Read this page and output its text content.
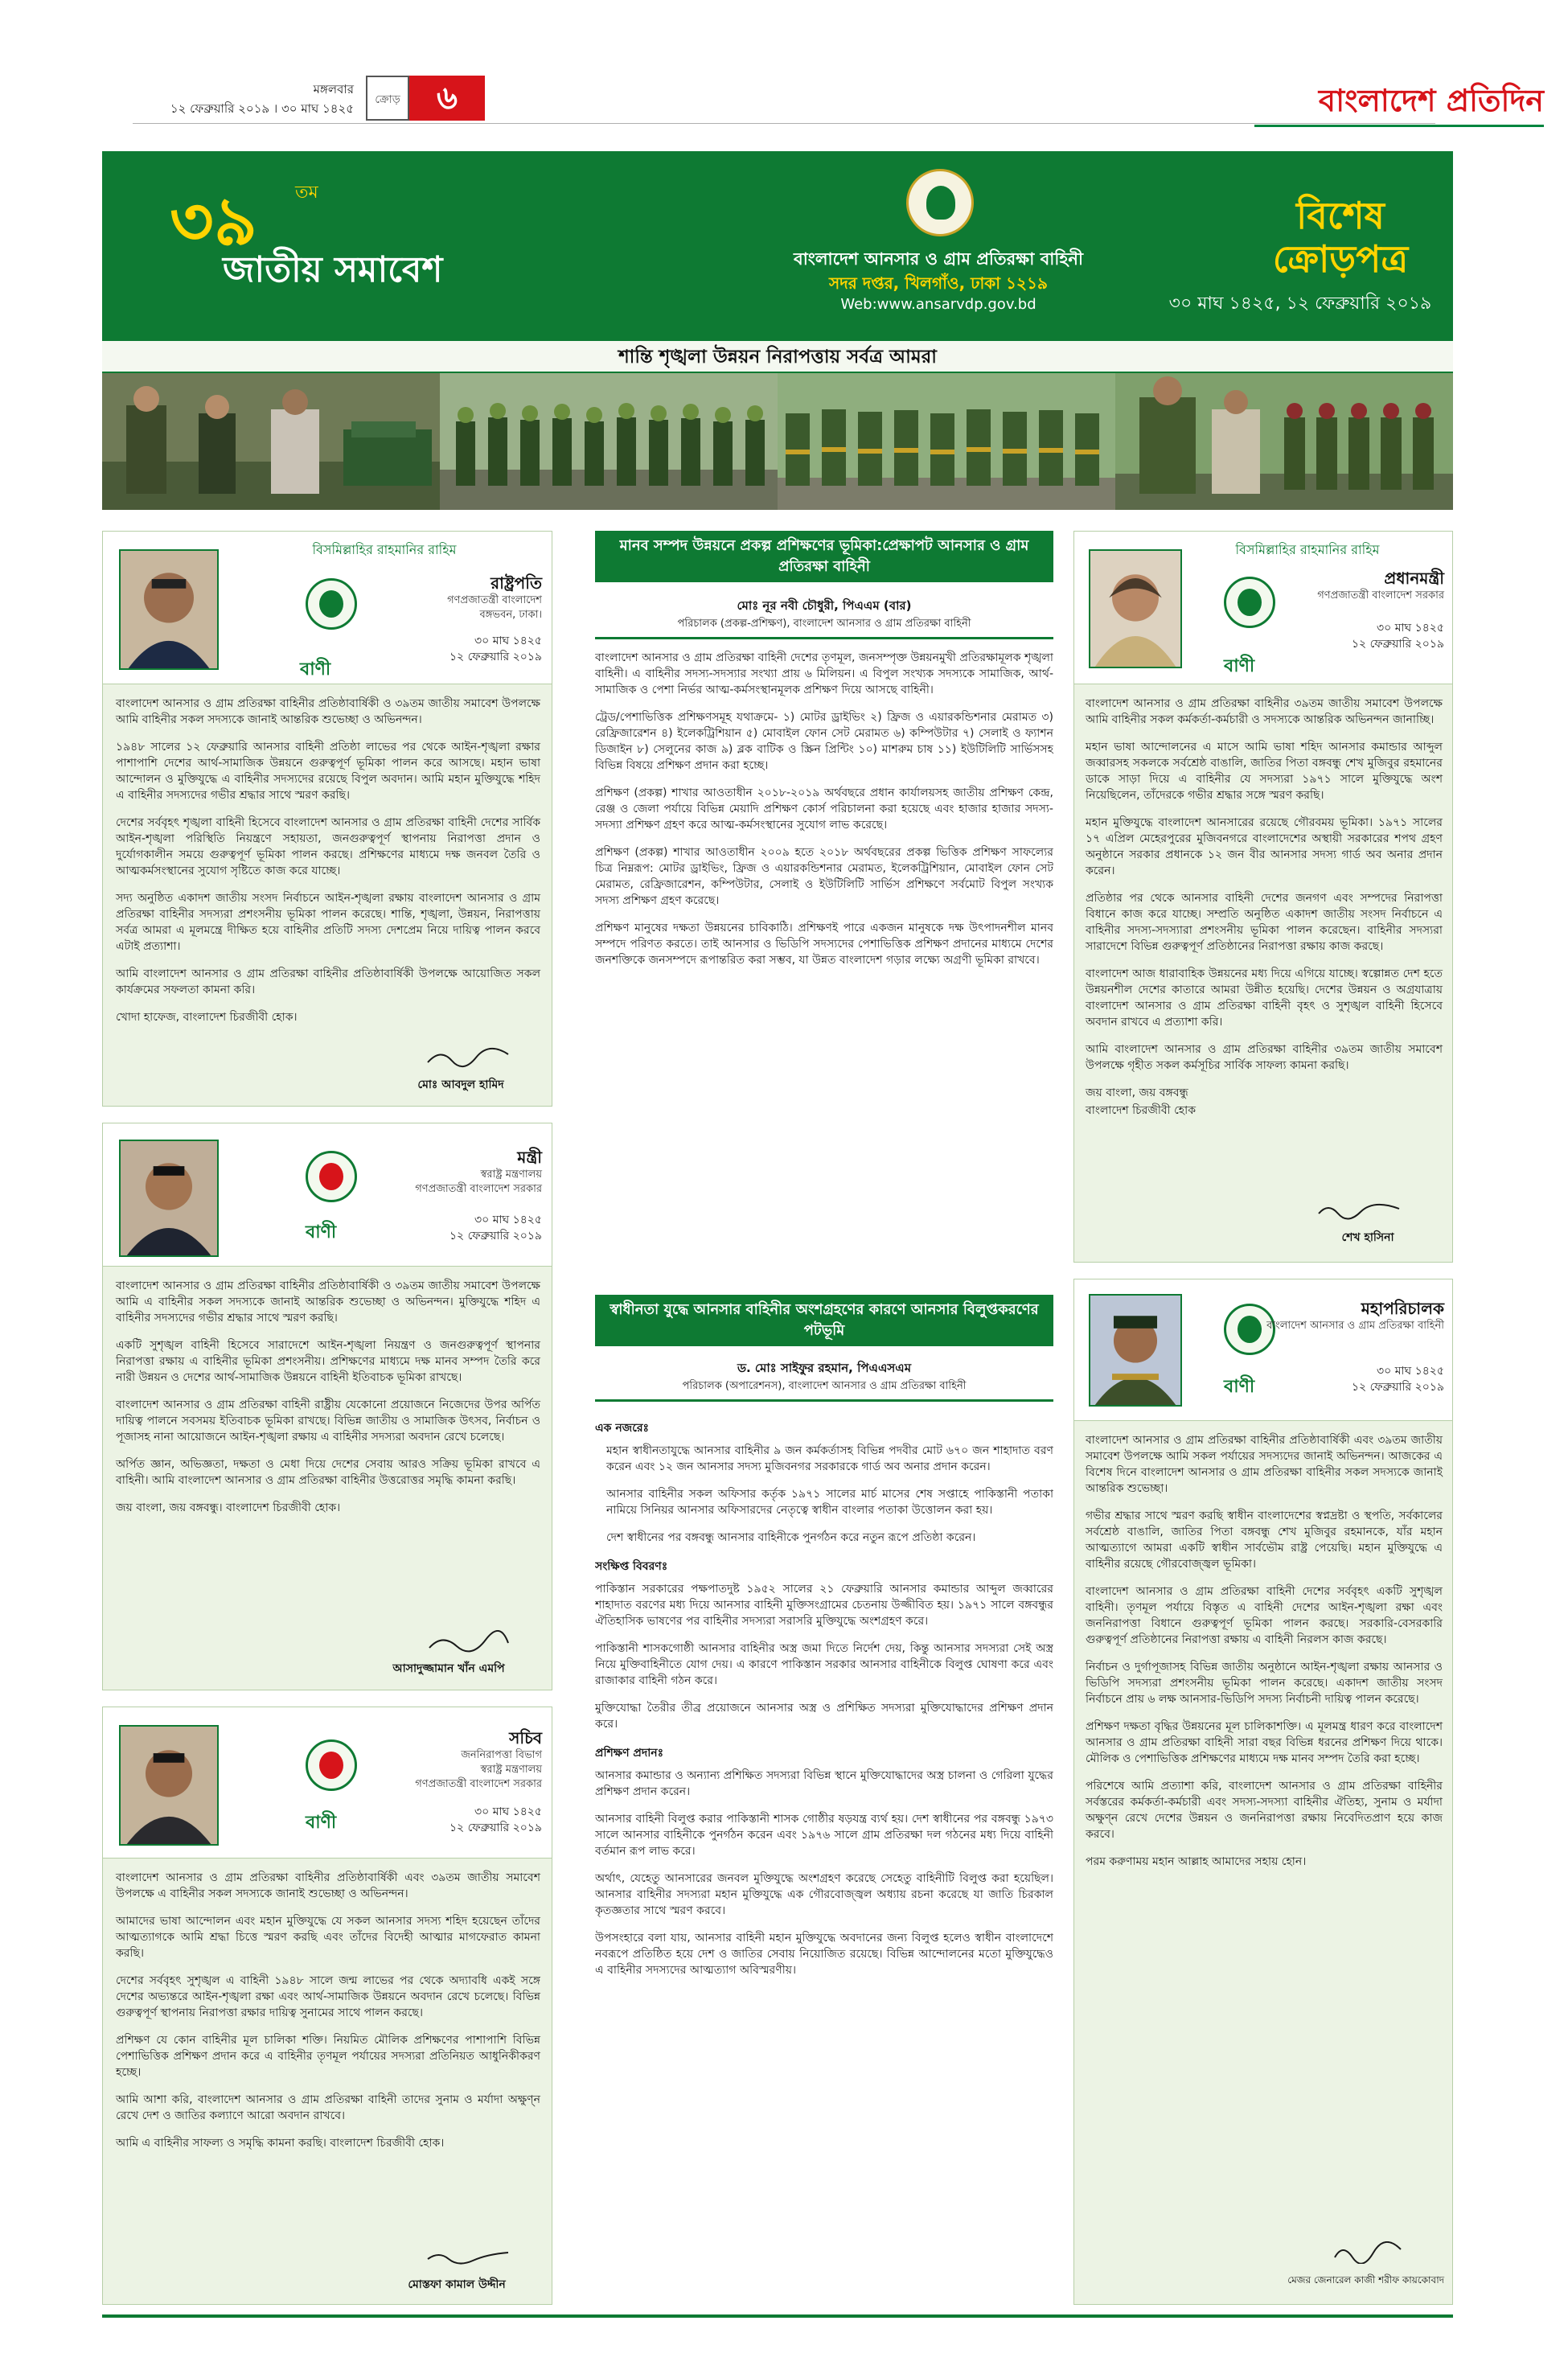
মঙ্গলবার
১২ ফেব্রুয়ারি ২০১৯ । ৩০ মাঘ ১৪২৫
ক্রোড়	৬	বাংলাদেশ প্রতিদিন
৩৯ তম
জাতীয় সমাবেশ	বাংলাদেশ আনসার ও গ্রাম প্রতিরক্ষা বাহিনী
সদর দপ্তর, খিলগাঁও, ঢাকা ১২১৯
Web:www.ansarvdp.gov.bd
বিশেষ
ক্রোড়পত্র
৩০ মাঘ ১৪২৫, ১২ ফেব্রুয়ারি ২০১৯
শান্তি শৃঙ্খলা উন্নয়ন নিরাপত্তায় সর্বত্র আমরা
বিসমিল্লাহির রাহমানির রাহিম
রাষ্ট্রপতি
গণপ্রজাতন্ত্রী বাংলাদেশ
বঙ্গভবন, ঢাকা।
৩০ মাঘ ১৪২৫
১২ ফেব্রুয়ারি ২০১৯
বাণী

বাংলাদেশ আনসার ও গ্রাম প্রতিরক্ষা বাহিনীর প্রতিষ্ঠাবার্ষিকী ও ৩৯তম জাতীয় সমাবেশ উপলক্ষে আমি বাহিনীর সকল সদস্যকে জানাই আন্তরিক শুভেচ্ছা ও অভিনন্দন।

১৯৪৮ সালের ১২ ফেব্রুয়ারি আনসার বাহিনী প্রতিষ্ঠা লাভের পর থেকে আইন-শৃঙ্খলা রক্ষার পাশাপাশি দেশের আর্থ-সামাজিক উন্নয়নে গুরুত্বপূর্ণ ভূমিকা পালন করে আসছে। মহান ভাষা আন্দোলন ও মুক্তিযুদ্ধে এ বাহিনীর সদস্যদের রয়েছে বিপুল অবদান। আমি মহান মুক্তিযুদ্ধে শহিদ এ বাহিনীর সদস্যদের গভীর শ্রদ্ধার সাথে স্মরণ করছি।

দেশের সর্ববৃহৎ শৃঙ্খলা বাহিনী হিসেবে বাংলাদেশ আনসার ও গ্রাম প্রতিরক্ষা বাহিনী দেশের সার্বিক আইন-শৃঙ্খলা পরিস্থিতি নিয়ন্ত্রণে সহায়তা, জনগুরুত্বপূর্ণ স্থাপনায় নিরাপত্তা প্রদান ও দুর্যোগকালীন সময়ে গুরুত্বপূর্ণ ভূমিকা পালন করছে। প্রশিক্ষণের মাধ্যমে দক্ষ জনবল তৈরি ও আত্মকর্মসংস্থানের সুযোগ সৃষ্টিতে কাজ করে যাচ্ছে।

সদ্য অনুষ্ঠিত একাদশ জাতীয় সংসদ নির্বাচনে আইন-শৃঙ্খলা রক্ষায় বাংলাদেশ আনসার ও গ্রাম প্রতিরক্ষা বাহিনীর সদস্যরা প্রশংসনীয় ভূমিকা পালন করেছে। শান্তি, শৃঙ্খলা, উন্নয়ন, নিরাপত্তায় সর্বত্র আমরা এ মূলমন্ত্রে দীক্ষিত হয়ে বাহিনীর প্রতিটি সদস্য দেশপ্রেম নিয়ে দায়িত্ব পালন করবে এটাই প্রত্যাশা।

আমি বাংলাদেশ আনসার ও গ্রাম প্রতিরক্ষা বাহিনীর প্রতিষ্ঠাবার্ষিকী উপলক্ষে আয়োজিত সকল কার্যক্রমের সফলতা কামনা করি।

খোদা হাফেজ, বাংলাদেশ চিরজীবী হোক।

মোঃ আবদুল হামিদ
বাণী
মন্ত্রী
স্বরাষ্ট্র মন্ত্রণালয়
গণপ্রজাতন্ত্রী বাংলাদেশ সরকার
৩০ মাঘ ১৪২৫
১২ ফেব্রুয়ারি ২০১৯

বাংলাদেশ আনসার ও গ্রাম প্রতিরক্ষা বাহিনীর প্রতিষ্ঠাবার্ষিকী ও ৩৯তম জাতীয় সমাবেশ উপলক্ষে আমি এ বাহিনীর সকল সদস্যকে জানাই আন্তরিক শুভেচ্ছা ও অভিনন্দন। মুক্তিযুদ্ধে শহিদ এ বাহিনীর সদস্যদের গভীর শ্রদ্ধার সাথে স্মরণ করছি।

একটি সুশৃঙ্খল বাহিনী হিসেবে সারাদেশে আইন-শৃঙ্খলা নিয়ন্ত্রণ ও জনগুরুত্বপূর্ণ স্থাপনার নিরাপত্তা রক্ষায় এ বাহিনীর ভূমিকা প্রশংসনীয়। প্রশিক্ষণের মাধ্যমে দক্ষ মানব সম্পদ তৈরি করে নারী উন্নয়ন ও দেশের আর্থ-সামাজিক উন্নয়নে বাহিনী ইতিবাচক ভূমিকা রাখছে।

বাংলাদেশ আনসার ও গ্রাম প্রতিরক্ষা বাহিনী রাষ্ট্রীয় যেকোনো প্রয়োজনে নিজেদের উপর অর্পিত দায়িত্ব পালনে সবসময় ইতিবাচক ভূমিকা রাখছে। বিভিন্ন জাতীয় ও সামাজিক উৎসব, নির্বাচন ও পূজাসহ নানা আয়োজনে আইন-শৃঙ্খলা রক্ষায় এ বাহিনীর সদস্যরা অবদান রেখে চলেছে।

অর্পিত জ্ঞান, অভিজ্ঞতা, দক্ষতা ও মেধা দিয়ে দেশের সেবায় আরও সক্রিয় ভূমিকা রাখবে এ বাহিনী। আমি বাংলাদেশ আনসার ও গ্রাম প্রতিরক্ষা বাহিনীর উত্তরোত্তর সমৃদ্ধি কামনা করছি।

জয় বাংলা, জয় বঙ্গবন্ধু। বাংলাদেশ চিরজীবী হোক।

আসাদুজ্জামান খাঁন এমপি
বাণী
সচিব
জননিরাপত্তা বিভাগ
স্বরাষ্ট্র মন্ত্রণালয়
গণপ্রজাতন্ত্রী বাংলাদেশ সরকার
৩০ মাঘ ১৪২৫
১২ ফেব্রুয়ারি ২০১৯

বাংলাদেশ আনসার ও গ্রাম প্রতিরক্ষা বাহিনীর প্রতিষ্ঠাবার্ষিকী এবং ৩৯তম জাতীয় সমাবেশ উপলক্ষে এ বাহিনীর সকল সদস্যকে জানাই শুভেচ্ছা ও অভিনন্দন।

আমাদের ভাষা আন্দোলন এবং মহান মুক্তিযুদ্ধে যে সকল আনসার সদস্য শহিদ হয়েছেন তাঁদের আত্মত্যাগকে আমি শ্রদ্ধা চিত্তে স্মরণ করছি এবং তাঁদের বিদেহী আত্মার মাগফেরাত কামনা করছি।

দেশের সর্ববৃহৎ সুশৃঙ্খল এ বাহিনী ১৯৪৮ সালে জন্ম লাভের পর থেকে অদ্যাবধি একই সঙ্গে দেশের অভ্যন্তরে আইন-শৃঙ্খলা রক্ষা এবং আর্থ-সামাজিক উন্নয়নে অবদান রেখে চলেছে। বিভিন্ন গুরুত্বপূর্ণ স্থাপনায় নিরাপত্তা রক্ষার দায়িত্ব সুনামের সাথে পালন করছে।

প্রশিক্ষণ যে কোন বাহিনীর মূল চালিকা শক্তি। নিয়মিত মৌলিক প্রশিক্ষণের পাশাপাশি বিভিন্ন পেশাভিত্তিক প্রশিক্ষণ প্রদান করে এ বাহিনীর তৃণমূল পর্যায়ের সদস্যরা প্রতিনিয়ত আধুনিকীকরণ হচ্ছে।

আমি আশা করি, বাংলাদেশ আনসার ও গ্রাম প্রতিরক্ষা বাহিনী তাদের সুনাম ও মর্যাদা অক্ষুণ্ন রেখে দেশ ও জাতির কল্যাণে আরো অবদান রাখবে।

আমি এ বাহিনীর সাফল্য ও সমৃদ্ধি কামনা করছি। বাংলাদেশ চিরজীবী হোক।

মোস্তফা কামাল উদ্দীন
মানব সম্পদ উন্নয়নে প্রকল্প প্রশিক্ষণের ভূমিকা:প্রেক্ষাপট আনসার ও গ্রাম প্রতিরক্ষা বাহিনী
মোঃ নূর নবী চৌধুরী, পিএএম (বার)
পরিচালক (প্রকল্প-প্রশিক্ষণ), বাংলাদেশ আনসার ও গ্রাম প্রতিরক্ষা বাহিনী

বাংলাদেশ আনসার ও গ্রাম প্রতিরক্ষা বাহিনী দেশের তৃণমূল, জনসম্পৃক্ত উন্নয়নমুখী প্রতিরক্ষামূলক শৃঙ্খলা বাহিনী। এ বাহিনীর সদস্য-সদস্যার সংখ্যা প্রায় ৬ মিলিয়ন। এ বিপুল সংখ্যক সদস্যকে সামাজিক, আর্থ-সামাজিক ও পেশা নির্ভর আত্ম-কর্মসংস্থানমূলক প্রশিক্ষণ দিয়ে আসছে বাহিনী।

ট্রেড/পেশাভিত্তিক প্রশিক্ষণসমূহ যথাক্রমে- ১) মোটর ড্রাইভিং ২) ফ্রিজ ও এয়ারকন্ডিশনার মেরামত ৩) রেফ্রিজারেশন ৪) ইলেকট্রিশিয়ান ৫) মোবাইল ফোন সেট মেরামত ৬) কম্পিউটার ৭) সেলাই ও ফ্যাশন ডিজাইন ৮) সেলুনের কাজ ৯) ব্লক বাটিক ও স্ক্রিন প্রিন্টিং ১০) মাশরুম চাষ ১১) ইউটিলিটি সার্ভিসসহ বিভিন্ন বিষয়ে প্রশিক্ষণ প্রদান করা হচ্ছে।

প্রশিক্ষণ (প্রকল্প) শাখার আওতাধীন ২০১৮-২০১৯ অর্থবছরে প্রধান কার্যালয়সহ জাতীয় প্রশিক্ষণ কেন্দ্র, রেঞ্জ ও জেলা পর্যায়ে বিভিন্ন মেয়াদি প্রশিক্ষণ কোর্স পরিচালনা করা হয়েছে এবং হাজার হাজার সদস্য-সদস্যা প্রশিক্ষণ গ্রহণ করে আত্ম-কর্মসংস্থানের সুযোগ লাভ করেছে।

প্রশিক্ষণ (প্রকল্প) শাখার আওতাধীন ২০০৯ হতে ২০১৮ অর্থবছরের প্রকল্প ভিত্তিক প্রশিক্ষণ সাফল্যের চিত্র নিম্নরূপ: মোটর ড্রাইভিং, ফ্রিজ ও এয়ারকন্ডিশনার মেরামত, ইলেকট্রিশিয়ান, মোবাইল ফোন সেট মেরামত, রেফ্রিজারেশন, কম্পিউটার, সেলাই ও ইউটিলিটি সার্ভিস প্রশিক্ষণে সর্বমোট বিপুল সংখ্যক সদস্য প্রশিক্ষণ গ্রহণ করেছে।

প্রশিক্ষণ মানুষের দক্ষতা উন্নয়নের চাবিকাঠি। প্রশিক্ষণই পারে একজন মানুষকে দক্ষ উৎপাদনশীল মানব সম্পদে পরিণত করতে। তাই আনসার ও ভিডিপি সদস্যদের পেশাভিত্তিক প্রশিক্ষণ প্রদানের মাধ্যমে দেশের জনশক্তিকে জনসম্পদে রূপান্তরিত করা সম্ভব, যা উন্নত বাংলাদেশ গড়ার লক্ষ্যে অগ্রণী ভূমিকা রাখবে।

স্বাধীনতা যুদ্ধে আনসার বাহিনীর অংশগ্রহণের কারণে আনসার বিলুপ্তকরণের পটভূমি
ড. মোঃ সাইফুর রহমান, পিএএসএম
পরিচালক (অপারেশনস), বাংলাদেশ আনসার ও গ্রাম প্রতিরক্ষা বাহিনী
এক নজরেঃ

মহান স্বাধীনতাযুদ্ধে আনসার বাহিনীর ৯ জন কর্মকর্তাসহ বিভিন্ন পদবীর মোট ৬৭০ জন শাহাদাত বরণ করেন এবং ১২ জন আনসার সদস্য মুজিবনগর সরকারকে গার্ড অব অনার প্রদান করেন।

আনসার বাহিনীর সকল অফিসার কর্তৃক ১৯৭১ সালের মার্চ মাসের শেষ সপ্তাহে পাকিস্তানী পতাকা নামিয়ে সিনিয়র আনসার অফিসারদের নেতৃত্বে স্বাধীন বাংলার পতাকা উত্তোলন করা হয়।

দেশ স্বাধীনের পর বঙ্গবন্ধু আনসার বাহিনীকে পুনর্গঠন করে নতুন রূপে প্রতিষ্ঠা করেন।

সংক্ষিপ্ত বিবরণঃ

পাকিস্তান সরকারের পক্ষপাতদুষ্ট ১৯৫২ সালের ২১ ফেব্রুয়ারি আনসার কমান্ডার আব্দুল জব্বারের শাহাদাত বরণের মধ্য দিয়ে আনসার বাহিনী মুক্তিসংগ্রামের চেতনায় উজ্জীবিত হয়। ১৯৭১ সালে বঙ্গবন্ধুর ঐতিহাসিক ভাষণের পর বাহিনীর সদস্যরা সরাসরি মুক্তিযুদ্ধে অংশগ্রহণ করে।

পাকিস্তানী শাসকগোষ্ঠী আনসার বাহিনীর অস্ত্র জমা দিতে নির্দেশ দেয়, কিন্তু আনসার সদস্যরা সেই অস্ত্র নিয়ে মুক্তিবাহিনীতে যোগ দেয়। এ কারণে পাকিস্তান সরকার আনসার বাহিনীকে বিলুপ্ত ঘোষণা করে এবং রাজাকার বাহিনী গঠন করে।

মুক্তিযোদ্ধা তৈরীর তীব্র প্রয়োজনে আনসার অস্ত্র ও প্রশিক্ষিত সদস্যরা মুক্তিযোদ্ধাদের প্রশিক্ষণ প্রদান করে।

প্রশিক্ষণ প্রদানঃ

আনসার কমান্ডার ও অন্যান্য প্রশিক্ষিত সদস্যরা বিভিন্ন স্থানে মুক্তিযোদ্ধাদের অস্ত্র চালনা ও গেরিলা যুদ্ধের প্রশিক্ষণ প্রদান করেন।

আনসার বাহিনী বিলুপ্ত করার পাকিস্তানী শাসক গোষ্ঠীর ষড়যন্ত্র ব্যর্থ হয়। দেশ স্বাধীনের পর বঙ্গবন্ধু ১৯৭৩ সালে আনসার বাহিনীকে পুনর্গঠন করেন এবং ১৯৭৬ সালে গ্রাম প্রতিরক্ষা দল গঠনের মধ্য দিয়ে বাহিনী বর্তমান রূপ লাভ করে।

অর্থাৎ, যেহেতু আনসারের জনবল মুক্তিযুদ্ধে অংশগ্রহণ করেছে সেহেতু বাহিনীটি বিলুপ্ত করা হয়েছিল। আনসার বাহিনীর সদস্যরা মহান মুক্তিযুদ্ধে এক গৌরবোজ্জ্বল অধ্যায় রচনা করেছে যা জাতি চিরকাল কৃতজ্ঞতার সাথে স্মরণ করবে।

উপসংহারে বলা যায়, আনসার বাহিনী মহান মুক্তিযুদ্ধে অবদানের জন্য বিলুপ্ত হলেও স্বাধীন বাংলাদেশে নবরূপে প্রতিষ্ঠিত হয়ে দেশ ও জাতির সেবায় নিয়োজিত রয়েছে। বিভিন্ন আন্দোলনের মতো মুক্তিযুদ্ধেও এ বাহিনীর সদস্যদের আত্মত্যাগ অবিস্মরণীয়।

বিসমিল্লাহির রাহমানির রাহিম
প্রধানমন্ত্রী
গণপ্রজাতন্ত্রী বাংলাদেশ সরকার
৩০ মাঘ ১৪২৫
১২ ফেব্রুয়ারি ২০১৯
বাণী

বাংলাদেশ আনসার ও গ্রাম প্রতিরক্ষা বাহিনীর ৩৯তম জাতীয় সমাবেশ উপলক্ষে আমি বাহিনীর সকল কর্মকর্তা-কর্মচারী ও সদস্যকে আন্তরিক অভিনন্দন জানাচ্ছি।

মহান ভাষা আন্দোলনের এ মাসে আমি ভাষা শহিদ আনসার কমান্ডার আব্দুল জব্বারসহ সকলকে সর্বশ্রেষ্ঠ বাঙালি, জাতির পিতা বঙ্গবন্ধু শেখ মুজিবুর রহমানের ডাকে সাড়া দিয়ে এ বাহিনীর যে সদস্যরা ১৯৭১ সালে মুক্তিযুদ্ধে অংশ নিয়েছিলেন, তাঁদেরকে গভীর শ্রদ্ধার সঙ্গে স্মরণ করছি।

মহান মুক্তিযুদ্ধে বাংলাদেশ আনসারের রয়েছে গৌরবময় ভূমিকা। ১৯৭১ সালের ১৭ এপ্রিল মেহেরপুরের মুজিবনগরে বাংলাদেশের অস্থায়ী সরকারের শপথ গ্রহণ অনুষ্ঠানে সরকার প্রধানকে ১২ জন বীর আনসার সদস্য গার্ড অব অনার প্রদান করেন।

প্রতিষ্ঠার পর থেকে আনসার বাহিনী দেশের জনগণ এবং সম্পদের নিরাপত্তা বিধানে কাজ করে যাচ্ছে। সম্প্রতি অনুষ্ঠিত একাদশ জাতীয় সংসদ নির্বাচনে এ বাহিনীর সদস্য-সদস্যারা প্রশংসনীয় ভূমিকা পালন করেছেন। বাহিনীর সদস্যরা সারাদেশে বিভিন্ন গুরুত্বপূর্ণ প্রতিষ্ঠানের নিরাপত্তা রক্ষায় কাজ করছে।

বাংলাদেশ আজ ধারাবাহিক উন্নয়নের মধ্য দিয়ে এগিয়ে যাচ্ছে। স্বল্পোন্নত দেশ হতে উন্নয়নশীল দেশের কাতারে আমরা উন্নীত হয়েছি। দেশের উন্নয়ন ও অগ্রযাত্রায় বাংলাদেশ আনসার ও গ্রাম প্রতিরক্ষা বাহিনী বৃহৎ ও সুশৃঙ্খল বাহিনী হিসেবে অবদান রাখবে এ প্রত্যাশা করি।

আমি বাংলাদেশ আনসার ও গ্রাম প্রতিরক্ষা বাহিনীর ৩৯তম জাতীয় সমাবেশ উপলক্ষে গৃহীত সকল কর্মসূচির সার্বিক সাফল্য কামনা করছি।

জয় বাংলা, জয় বঙ্গবন্ধু

বাংলাদেশ চিরজীবী হোক

শেখ হাসিনা
বাণী
মহাপরিচালক
বাংলাদেশ আনসার ও গ্রাম প্রতিরক্ষা বাহিনী
৩০ মাঘ ১৪২৫
১২ ফেব্রুয়ারি ২০১৯

বাংলাদেশ আনসার ও গ্রাম প্রতিরক্ষা বাহিনীর প্রতিষ্ঠাবার্ষিকী এবং ৩৯তম জাতীয় সমাবেশ উপলক্ষে আমি সকল পর্যায়ের সদস্যদের জানাই অভিনন্দন। আজকের এ বিশেষ দিনে বাংলাদেশ আনসার ও গ্রাম প্রতিরক্ষা বাহিনীর সকল সদস্যকে জানাই আন্তরিক শুভেচ্ছা।

গভীর শ্রদ্ধার সাথে স্মরণ করছি স্বাধীন বাংলাদেশের স্বপ্নদ্রষ্টা ও স্থপতি, সর্বকালের সর্বশ্রেষ্ঠ বাঙালি, জাতির পিতা বঙ্গবন্ধু শেখ মুজিবুর রহমানকে, যাঁর মহান আত্মত্যাগে আমরা একটি স্বাধীন সার্বভৌম রাষ্ট্র পেয়েছি। মহান মুক্তিযুদ্ধে এ বাহিনীর রয়েছে গৌরবোজ্জ্বল ভূমিকা।

বাংলাদেশ আনসার ও গ্রাম প্রতিরক্ষা বাহিনী দেশের সর্ববৃহৎ একটি সুশৃঙ্খল বাহিনী। তৃণমূল পর্যায়ে বিস্তৃত এ বাহিনী দেশের আইন-শৃঙ্খলা রক্ষা এবং জননিরাপত্তা বিধানে গুরুত্বপূর্ণ ভূমিকা পালন করছে। সরকারি-বেসরকারি গুরুত্বপূর্ণ প্রতিষ্ঠানের নিরাপত্তা রক্ষায় এ বাহিনী নিরলস কাজ করছে।

নির্বাচন ও দুর্গাপূজাসহ বিভিন্ন জাতীয় অনুষ্ঠানে আইন-শৃঙ্খলা রক্ষায় আনসার ও ভিডিপি সদস্যরা প্রশংসনীয় ভূমিকা পালন করেছে। একাদশ জাতীয় সংসদ নির্বাচনে প্রায় ৬ লক্ষ আনসার-ভিডিপি সদস্য নির্বাচনী দায়িত্ব পালন করেছে।

প্রশিক্ষণ দক্ষতা বৃদ্ধির উন্নয়নের মূল চালিকাশক্তি। এ মূলমন্ত্র ধারণ করে বাংলাদেশ আনসার ও গ্রাম প্রতিরক্ষা বাহিনী সারা বছর বিভিন্ন ধরনের প্রশিক্ষণ দিয়ে থাকে। মৌলিক ও পেশাভিত্তিক প্রশিক্ষণের মাধ্যমে দক্ষ মানব সম্পদ তৈরি করা হচ্ছে।

পরিশেষে আমি প্রত্যাশা করি, বাংলাদেশ আনসার ও গ্রাম প্রতিরক্ষা বাহিনীর সর্বস্তরের কর্মকর্তা-কর্মচারী এবং সদস্য-সদস্যা বাহিনীর ঐতিহ্য, সুনাম ও মর্যাদা অক্ষুণ্ন রেখে দেশের উন্নয়ন ও জননিরাপত্তা রক্ষায় নিবেদিতপ্রাণ হয়ে কাজ করবে।

পরম করুণাময় মহান আল্লাহ আমাদের সহায় হোন।

মেজর জেনারেল কাজী শরীফ কায়কোবাদ
